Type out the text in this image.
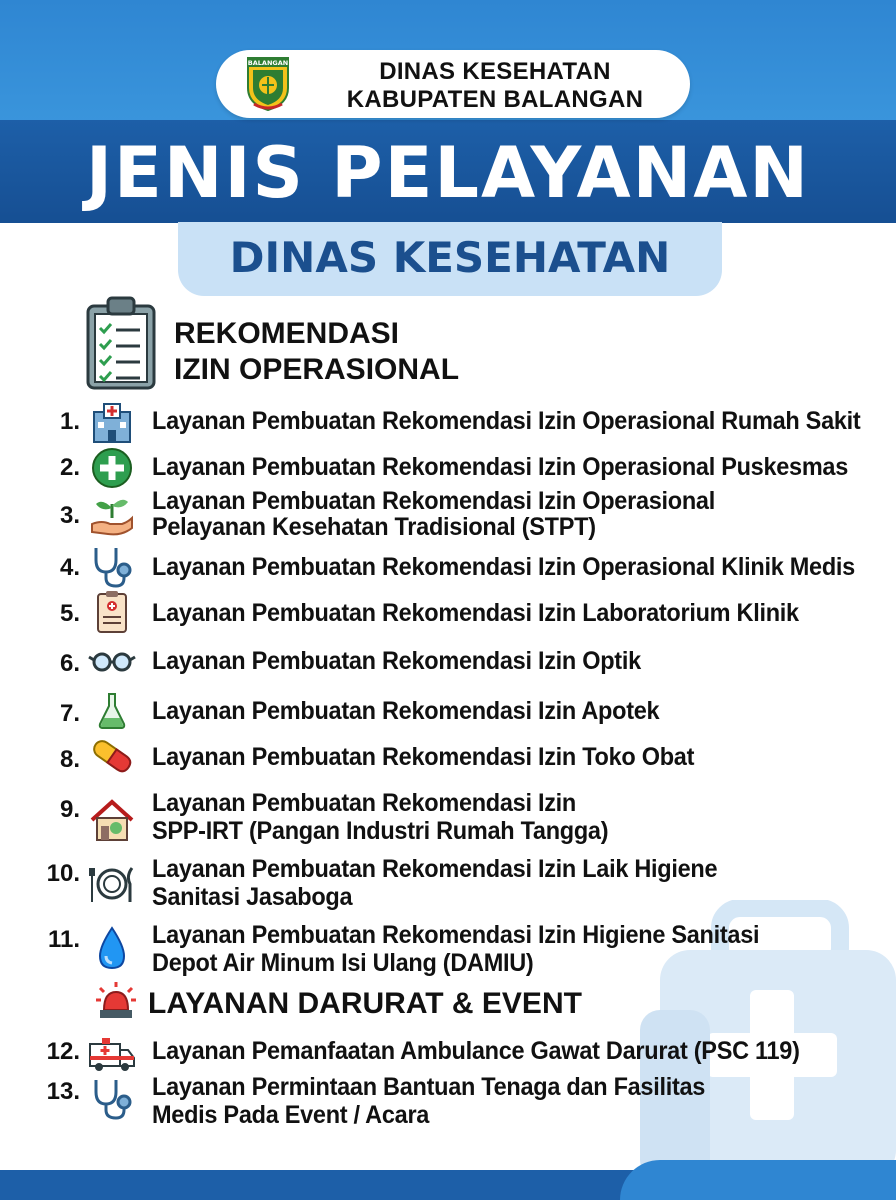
BALANGAN	DINAS KESEHATAN
KABUPATEN BALANGAN
JENIS PELAYANAN
DINAS KESEHATAN
REKOMENDASI
IZIN OPERASIONAL
1.	Layanan Pembuatan Rekomendasi Izin Operasional Rumah Sakit
2.	Layanan Pembuatan Rekomendasi Izin Operasional Puskesmas
3.
Layanan Pembuatan Rekomendasi Izin Operasional
Pelayanan Kesehatan Tradisional (STPT)
4.	Layanan Pembuatan Rekomendasi Izin Operasional Klinik Medis
5.	Layanan Pembuatan Rekomendasi Izin Laboratorium Klinik
6.	Layanan Pembuatan Rekomendasi Izin Optik
7.	Layanan Pembuatan Rekomendasi Izin Apotek
8.	Layanan Pembuatan Rekomendasi Izin Toko Obat
9.	Layanan Pembuatan Rekomendasi Izin
SPP-IRT (Pangan Industri Rumah Tangga)
10.	Layanan Pembuatan Rekomendasi Izin Laik Higiene
Sanitasi Jasaboga
11.	Layanan Pembuatan Rekomendasi Izin Higiene Sanitasi
Depot Air Minum Isi Ulang (DAMIU)
LAYANAN DARURAT & EVENT
12.	Layanan Pemanfaatan Ambulance Gawat Darurat (PSC 119)
13.	Layanan Permintaan Bantuan Tenaga dan Fasilitas
Medis Pada Event / Acara
